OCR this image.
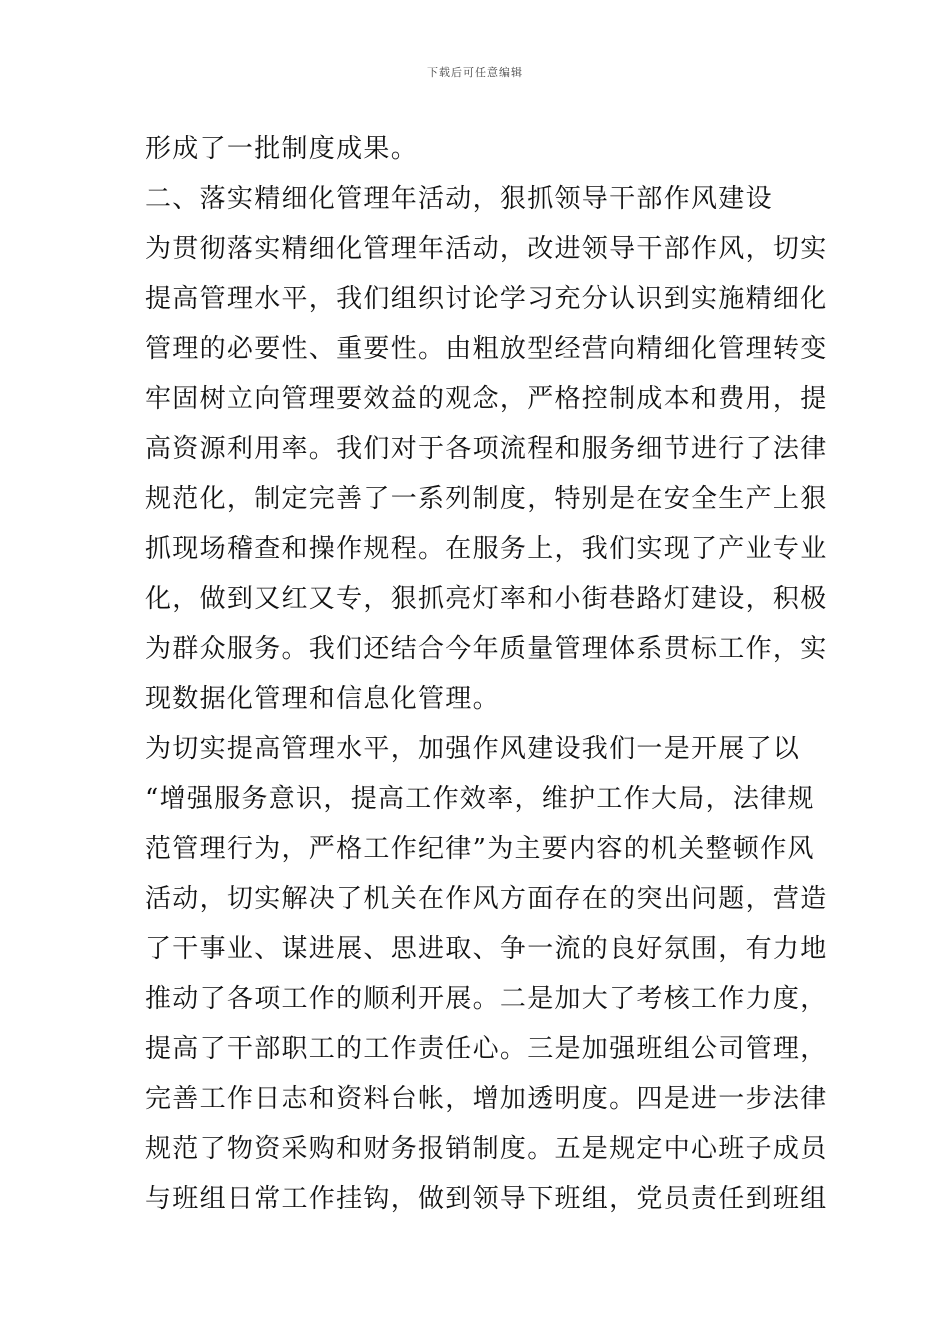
下载后可任意编辑
形成了一批制度成果。
二、落实精细化管理年活动，狠抓领导干部作风建设
为贯彻落实精细化管理年活动，改进领导干部作风，切实
提高管理水平，我们组织讨论学习充分认识到实施精细化
管理的必要性、重要性。由粗放型经营向精细化管理转变
牢固树立向管理要效益的观念，严格控制成本和费用，提
高资源利用率。我们对于各项流程和服务细节进行了法律
规范化，制定完善了一系列制度，特别是在安全生产上狠
抓现场稽查和操作规程。在服务上，我们实现了产业专业
化，做到又红又专，狠抓亮灯率和小街巷路灯建设，积极
为群众服务。我们还结合今年质量管理体系贯标工作，实
现数据化管理和信息化管理。
为切实提高管理水平，加强作风建设我们一是开展了以
“增强服务意识，提高工作效率，维护工作大局，法律规
范管理行为，严格工作纪律”为主要内容的机关整顿作风
活动，切实解决了机关在作风方面存在的突出问题，营造
了干事业、谋进展、思进取、争一流的良好氛围，有力地
推动了各项工作的顺利开展。二是加大了考核工作力度，
提高了干部职工的工作责任心。三是加强班组公司管理，
完善工作日志和资料台帐，增加透明度。四是进一步法律
规范了物资采购和财务报销制度。五是规定中心班子成员
与班组日常工作挂钩，做到领导下班组，党员责任到班组
